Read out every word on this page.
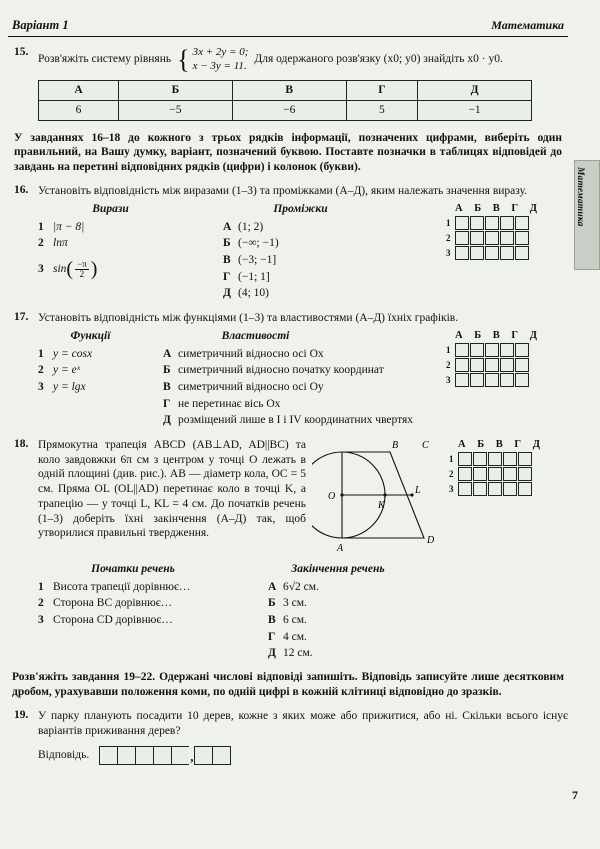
Математика
Варіант 1	Математика
15.
Розв'яжіть систему рівнянь { 3x + 2y = 0;
x − 3y = 11.
Для одержаного розв'язку (x0; y0) знайдіть x0 · y0.
А	Б	В	Г	Д
6	−5	−6	5	−1
У завданнях 16–18 до кожного з трьох рядків інформації, позначених цифрами, виберіть один правильний, на Вашу думку, варіант, позначений буквою. Поставте позначки в таблицях відповідей до завдань на перетині відповідних рядків (цифри) і колонок (букви).
16. Установіть відповідність між виразами (1–3) та проміжками (А–Д), яким належать значення виразу.

Вирази
1 |π − 8|
2 lnπ
3 sin ( $\frac{-\pi}{2}$ )
Проміжки
А (1; 2)
Б (−∞; −1)
В (−3; −1]
Г (−1; 1]
Д (4; 10)
А Б В Г Д
1
2
3
17. Установіть відповідність між функціями (1–3) та властивостями (А–Д) їхніх графіків.

Функції
1 y = cosx
2 y = eˣ
3 y = lgx
Властивості
А симетричний відносно осі Ox
Б симетричний відносно початку координат
В симетричний відносно осі Oy
Г не перетинає вісь Ox
Д розміщений лише в I і IV координатних чвертях
А Б В Г Д
1
2
3
18. Прямокутна трапеція ABCD (AB⊥AD, AD||BC) та коло завдовжки 6π см з центром у точці O лежать в одній площині (див. рис.). AB — діаметр кола, OC = 5 см. Пряма OL (OL||AD) перетинає коло в точці K, а трапецію — у точці L, KL = 4 см. До початків речень (1–3) доберіть їхні закінчення (А–Д) так, щоб утворилися правильні твердження.
B C
O
K
L
A
D
А Б В Г Д
1
2
3
Початки речень
1 Висота трапеції дорівнює…
2 Сторона BC дорівнює…
3 Сторона CD дорівнює…
Закінчення речень
А 6√2 см.
Б 3 см.
В 6 см.
Г 4 см.
Д 12 см.
Розв'яжіть завдання 19–22. Одержані числові відповіді запишіть. Відповідь записуйте лише десятковим дробом, урахувавши положення коми, по одній цифрі в кожній клітинці відповідно до зразків.
19. У парку планують посадити 10 дерев, кожне з яких може або прижитися, або ні. Скільки всього існує варіантів приживання дерев?

Відповідь.	,
7
